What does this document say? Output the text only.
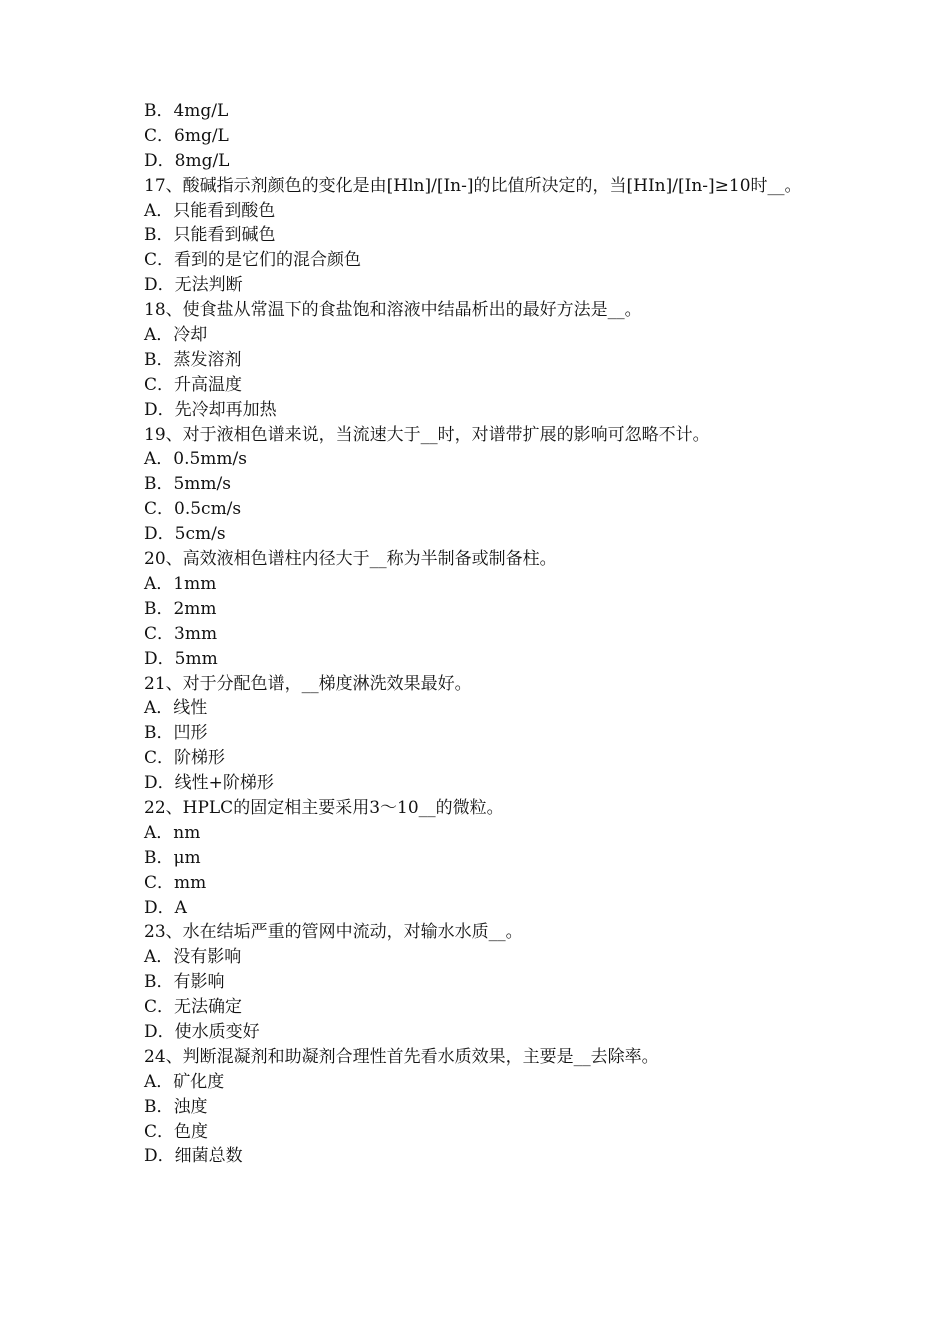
B．4mg/L
C．6mg/L
D．8mg/L
17、酸碱指示剂颜色的变化是由[Hln]/[In-]的比值所决定的，当[HIn]/[In-]≥10时__。
A．只能看到酸色
B．只能看到碱色
C．看到的是它们的混合颜色
D．无法判断
18、使食盐从常温下的食盐饱和溶液中结晶析出的最好方法是__。
A．冷却
B．蒸发溶剂
C．升高温度
D．先冷却再加热
19、对于液相色谱来说，当流速大于__时，对谱带扩展的影响可忽略不计。
A．0.5mm/s
B．5mm/s
C．0.5cm/s
D．5cm/s
20、高效液相色谱柱内径大于__称为半制备或制备柱。
A．1mm
B．2mm
C．3mm
D．5mm
21、对于分配色谱，__梯度淋洗效果最好。
A．线性
B．凹形
C．阶梯形
D．线性+阶梯形
22、HPLC的固定相主要采用3～10__的微粒。
A．nm
B．μm
C．mm
D．A
23、水在结垢严重的管网中流动，对输水水质__。
A．没有影响
B．有影响
C．无法确定
D．使水质变好
24、判断混凝剂和助凝剂合理性首先看水质效果，主要是__去除率。
A．矿化度
B．浊度
C．色度
D．细菌总数
